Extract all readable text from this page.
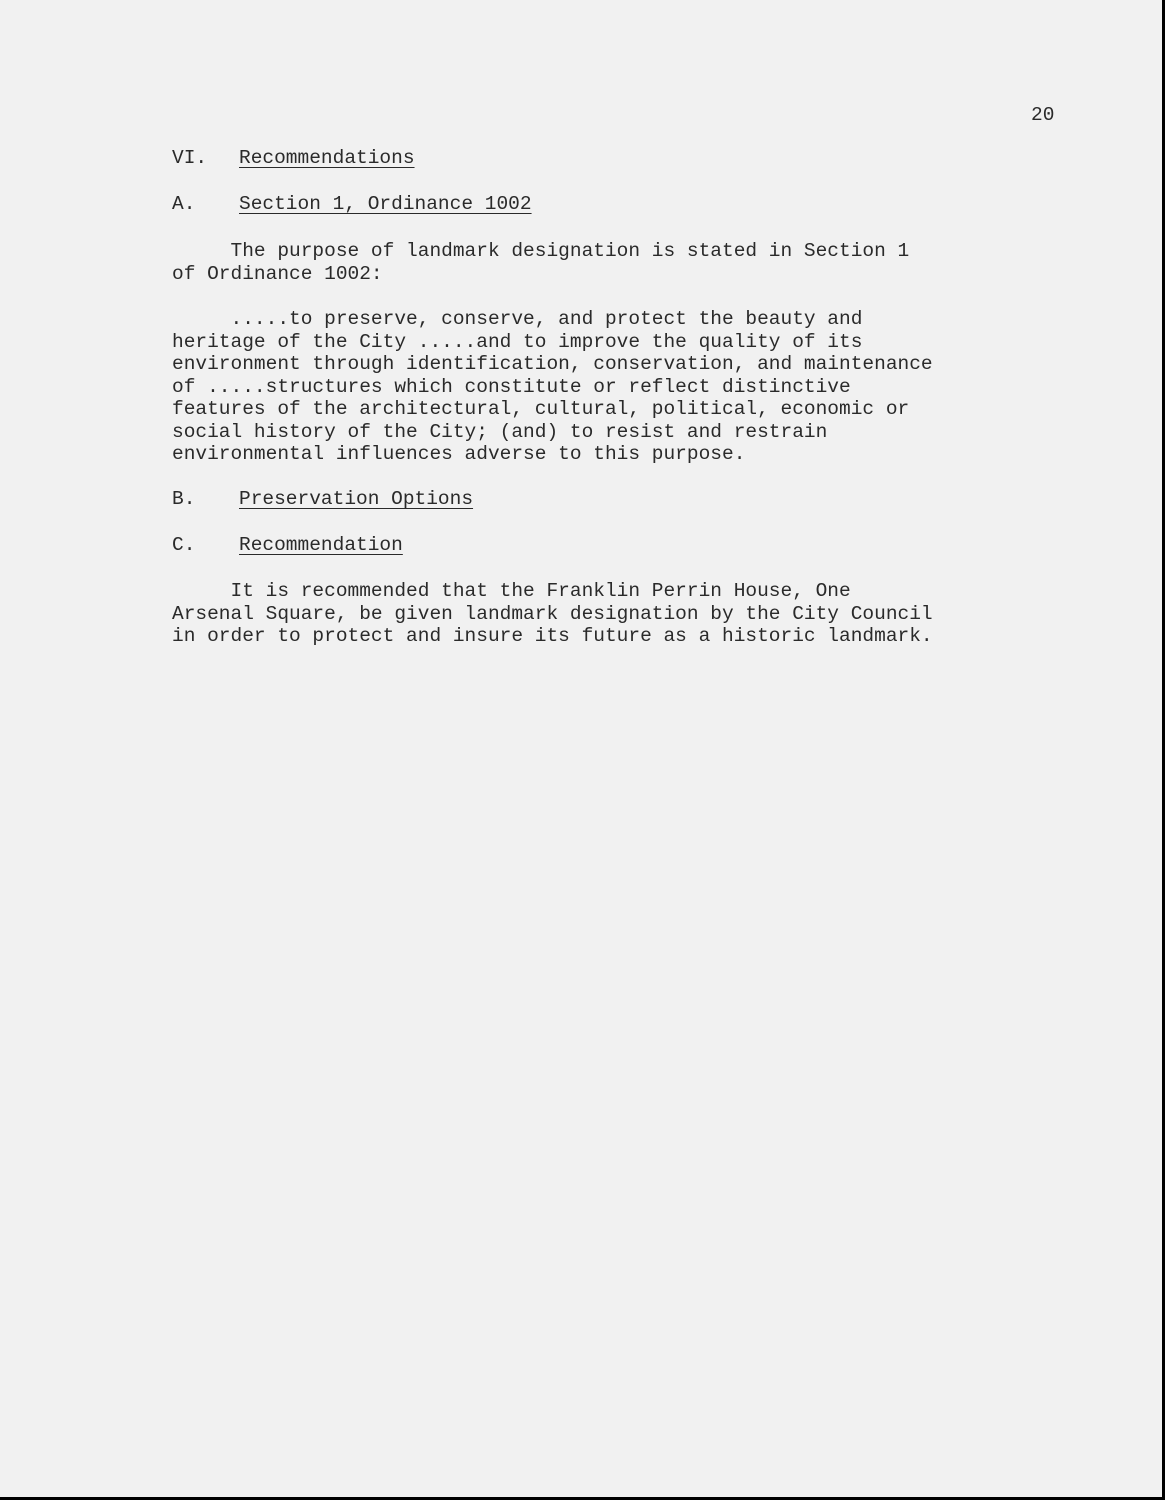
20
VI. Recommendations
A. Section 1, Ordinance 1002
The purpose of landmark designation is stated in Section 1
of Ordinance 1002:
.....to preserve, conserve, and protect the beauty and
heritage of the City .....and to improve the quality of its
environment through identification, conservation, and maintenance
of .....structures which constitute or reflect distinctive
features of the architectural, cultural, political, economic or
social history of the City; (and) to resist and restrain
environmental influences adverse to this purpose.
B. Preservation Options
C. Recommendation
It is recommended that the Franklin Perrin House, One
Arsenal Square, be given landmark designation by the City Council
in order to protect and insure its future as a historic landmark.
